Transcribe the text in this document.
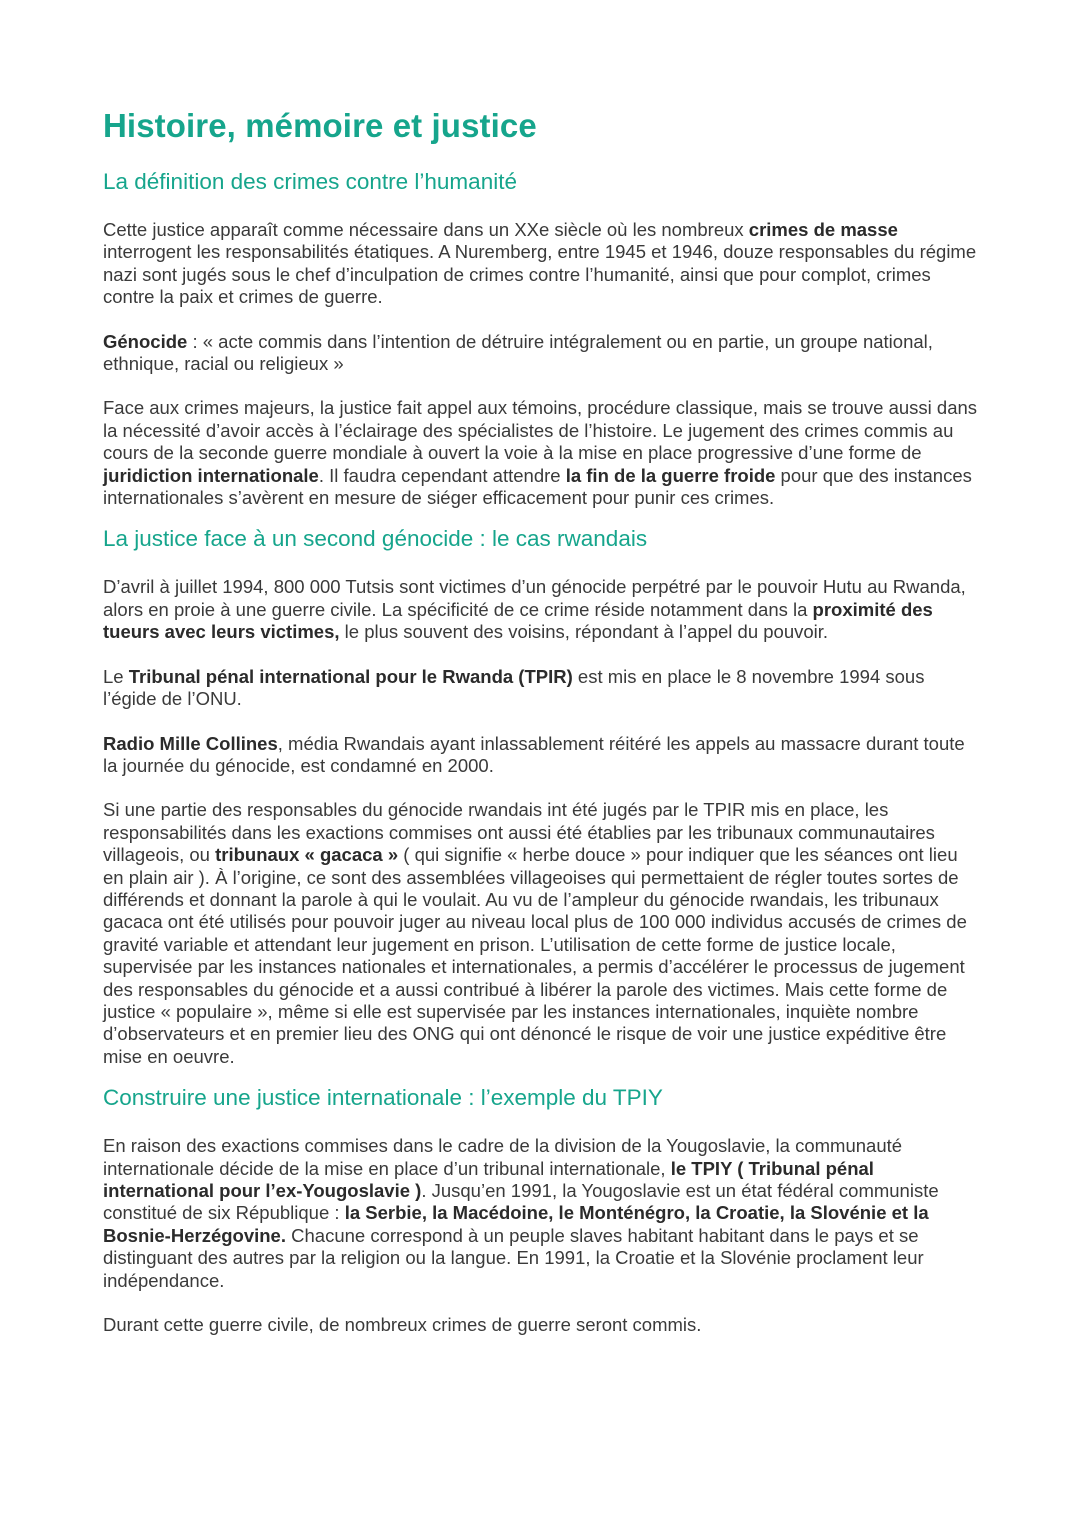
Histoire, mémoire et justice
La définition des crimes contre l’humanité

Cette justice apparaît comme nécessaire dans un XXe siècle où les nombreux crimes de masse interrogent les responsabilités étatiques. A Nuremberg, entre 1945 et 1946, douze responsables du régime nazi sont jugés sous le chef d’inculpation de crimes contre l’humanité, ainsi que pour complot, crimes contre la paix et crimes de guerre.

Génocide : « acte commis dans l’intention de détruire intégralement ou en partie, un groupe national, ethnique, racial ou religieux »

Face aux crimes majeurs, la justice fait appel aux témoins, procédure classique, mais se trouve aussi dans la nécessité d’avoir accès à l’éclairage des spécialistes de l’histoire. Le jugement des crimes commis au cours de la seconde guerre mondiale à ouvert la voie à la mise en place progressive d’une forme de juridiction internationale. Il faudra cependant attendre la fin de la guerre froide pour que des instances internationales s’avèrent en mesure de siéger efficacement pour punir ces crimes.

La justice face à un second génocide : le cas rwandais

D’avril à juillet 1994, 800 000 Tutsis sont victimes d’un génocide perpétré par le pouvoir Hutu au Rwanda, alors en proie à une guerre civile. La spécificité de ce crime réside notamment dans la proximité des tueurs avec leurs victimes, le plus souvent des voisins, répondant à l’appel du pouvoir.

Le Tribunal pénal international pour le Rwanda (TPIR) est mis en place le 8 novembre 1994 sous l’égide de l’ONU.

Radio Mille Collines, média Rwandais ayant inlassablement réitéré les appels au massacre durant toute la journée du génocide, est condamné en 2000.

Si une partie des responsables du génocide rwandais int été jugés par le TPIR mis en place, les responsabilités dans les exactions commises ont aussi été établies par les tribunaux communautaires villageois, ou tribunaux « gacaca » ( qui signifie « herbe douce » pour indiquer que les séances ont lieu en plain air ). À l’origine, ce sont des assemblées villageoises qui permettaient de régler toutes sortes de différends et donnant la parole à qui le voulait. Au vu de l’ampleur du génocide rwandais, les tribunaux gacaca ont été utilisés pour pouvoir juger au niveau local plus de 100 000 individus accusés de crimes de gravité variable et attendant leur jugement en prison. L’utilisation de cette forme de justice locale, supervisée par les instances nationales et internationales, a permis d’accélérer le processus de jugement des responsables du génocide et a aussi contribué à libérer la parole des victimes. Mais cette forme de justice « populaire », même si elle est supervisée par les instances internationales, inquiète nombre d’observateurs et en premier lieu des ONG qui ont dénoncé le risque de voir une justice expéditive être mise en oeuvre.

Construire une justice internationale : l’exemple du TPIY

En raison des exactions commises dans le cadre de la division de la Yougoslavie, la communauté internationale décide de la mise en place d’un tribunal internationale, le TPIY ( Tribunal pénal international pour l’ex-Yougoslavie ). Jusqu’en 1991, la Yougoslavie est un état fédéral communiste constitué de six République : la Serbie, la Macédoine, le Monténégro, la Croatie, la Slovénie et la Bosnie-Herzégovine. Chacune correspond à un peuple slaves habitant habitant dans le pays et se distinguant des autres par la religion ou la langue. En 1991, la Croatie et la Slovénie proclament leur indépendance.

Durant cette guerre civile, de nombreux crimes de guerre seront commis.
